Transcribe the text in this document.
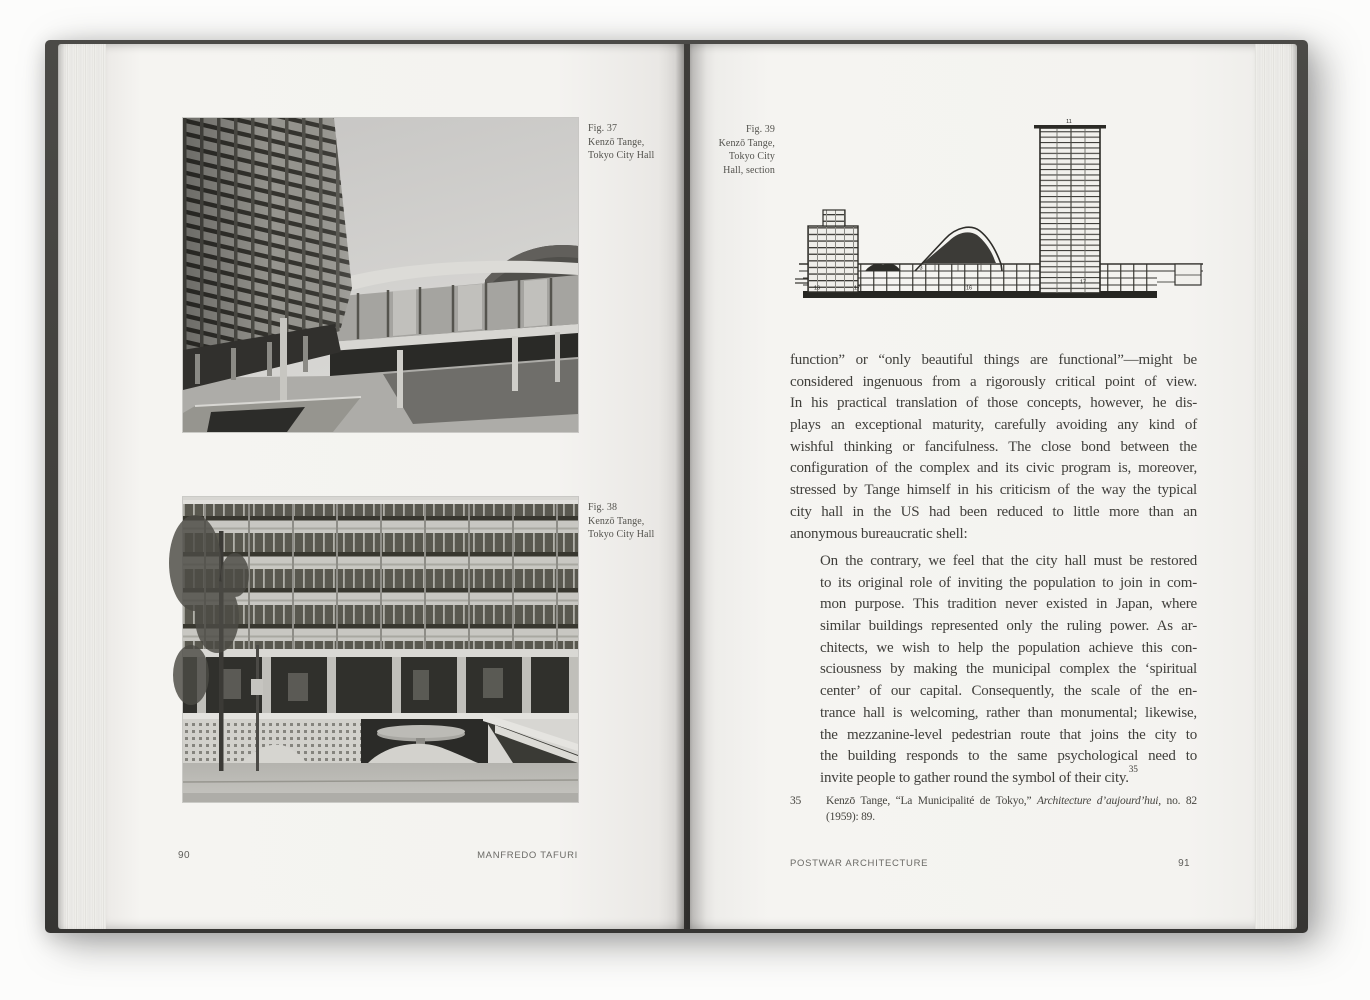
Fig. 37
Kenzō Tange,
Tokyo City Hall
Fig. 38
Kenzō Tange,
Tokyo City Hall
90	MANFREDO TAFURI
Fig. 39
Kenzō Tange,
Tokyo City
Hall, section
11
3
16	17	16
17
function” or “only beautiful things are functional”—might be
considered ingenuous from a rigorously critical point of view.
In his practical translation of those concepts, however, he dis-
plays an exceptional maturity, carefully avoiding any kind of
wishful thinking or fancifulness. The close bond between the
configuration of the complex and its civic program is, moreover,
stressed by Tange himself in his criticism of the way the typical
city hall in the US had been reduced to little more than an
anonymous bureaucratic shell:
On the contrary, we feel that the city hall must be restored
to its original role of inviting the population to join in com-
mon purpose. This tradition never existed in Japan, where
similar buildings represented only the ruling power. As ar-
chitects, we wish to help the population achieve this con-
sciousness by making the municipal complex the ‘spiritual
center’ of our capital. Consequently, the scale of the en-
trance hall is welcoming, rather than monumental; likewise,
the mezzanine-level pedestrian route that joins the city to
the building responds to the same psychological need to
invite people to gather round the symbol of their city.$^{35}$
35 Kenzō Tange, “La Municipalité de Tokyo,” Architecture d’aujourd’hui, no. 82
(1959): 89.
POSTWAR ARCHITECTURE	91
